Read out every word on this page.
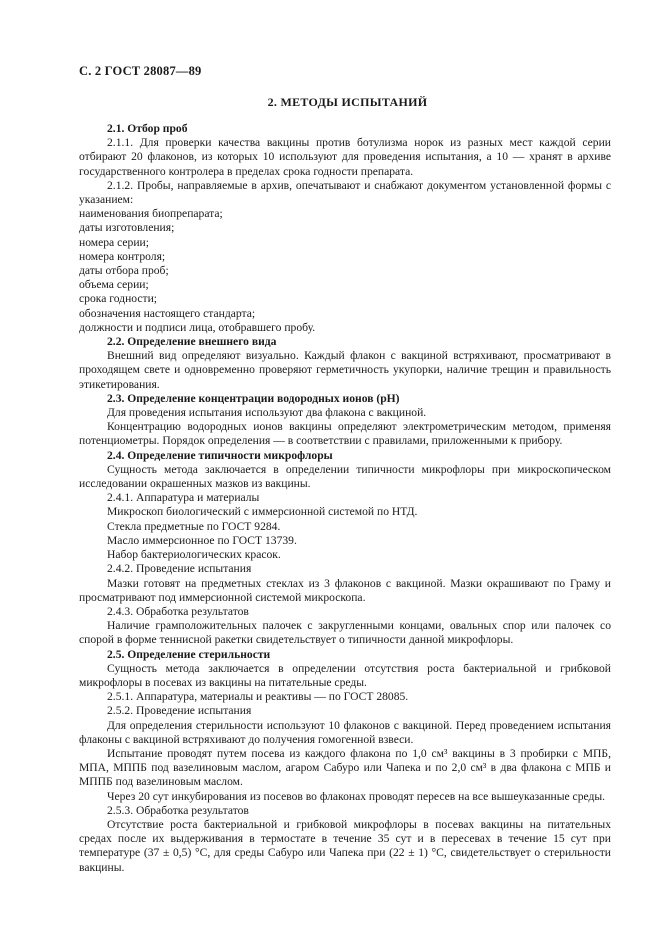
С. 2 ГОСТ 28087—89
2. МЕТОДЫ ИСПЫТАНИЙ

2.1. Отбор проб

2.1.1. Для проверки качества вакцины против ботулизма норок из разных мест каждой серии отбирают 20 флаконов, из которых 10 используют для проведения испытания, а 10 — хранят в архиве государственного контролера в пределах срока годности препарата.

2.1.2. Пробы, направляемые в архив, опечатывают и снабжают документом установленной формы с указанием:

наименования биопрепарата;

даты изготовления;

номера серии;

номера контроля;

даты отбора проб;

объема серии;

срока годности;

обозначения настоящего стандарта;

должности и подписи лица, отобравшего пробу.

2.2. Определение внешнего вида

Внешний вид определяют визуально. Каждый флакон с вакциной встряхивают, просматривают в проходящем свете и одновременно проверяют герметичность укупорки, наличие трещин и правильность этикетирования.

2.3. Определение концентрации водородных ионов (рН)

Для проведения испытания используют два флакона с вакциной.

Концентрацию водородных ионов вакцины определяют электрометрическим методом, применяя потенциометры. Порядок определения — в соответствии с правилами, приложенными к прибору.

2.4. Определение типичности микрофлоры

Сущность метода заключается в определении типичности микрофлоры при микроскопическом исследовании окрашенных мазков из вакцины.

2.4.1. Аппаратура и материалы

Микроскоп биологический с иммерсионной системой по НТД.

Стекла предметные по ГОСТ 9284.

Масло иммерсионное по ГОСТ 13739.

Набор бактериологических красок.

2.4.2. Проведение испытания

Мазки готовят на предметных стеклах из 3 флаконов с вакциной. Мазки окрашивают по Граму и просматривают под иммерсионной системой микроскопа.

2.4.3. Обработка результатов

Наличие грамположительных палочек с закругленными концами, овальных спор или палочек со спорой в форме теннисной ракетки свидетельствует о типичности данной микрофлоры.

2.5. Определение стерильности

Сущность метода заключается в определении отсутствия роста бактериальной и грибковой микрофлоры в посевах из вакцины на питательные среды.

2.5.1. Аппаратура, материалы и реактивы — по ГОСТ 28085.

2.5.2. Проведение испытания

Для определения стерильности используют 10 флаконов с вакциной. Перед проведением испытания флаконы с вакциной встряхивают до получения гомогенной взвеси.

Испытание проводят путем посева из каждого флакона по 1,0 см³ вакцины в 3 пробирки с МПБ, МПА, МППБ под вазелиновым маслом, агаром Сабуро или Чапека и по 2,0 см³ в два флакона с МПБ и МППБ под вазелиновым маслом.

Через 20 сут инкубирования из посевов во флаконах проводят пересев на все вышеуказанные среды.

2.5.3. Обработка результатов

Отсутствие роста бактериальной и грибковой микрофлоры в посевах вакцины на питательных средах после их выдерживания в термостате в течение 35 сут и в пересевах в течение 15 сут при температуре (37 ± 0,5) °С, для среды Сабуро или Чапека при (22 ± 1) °С, свидетельствует о стерильности вакцины.
